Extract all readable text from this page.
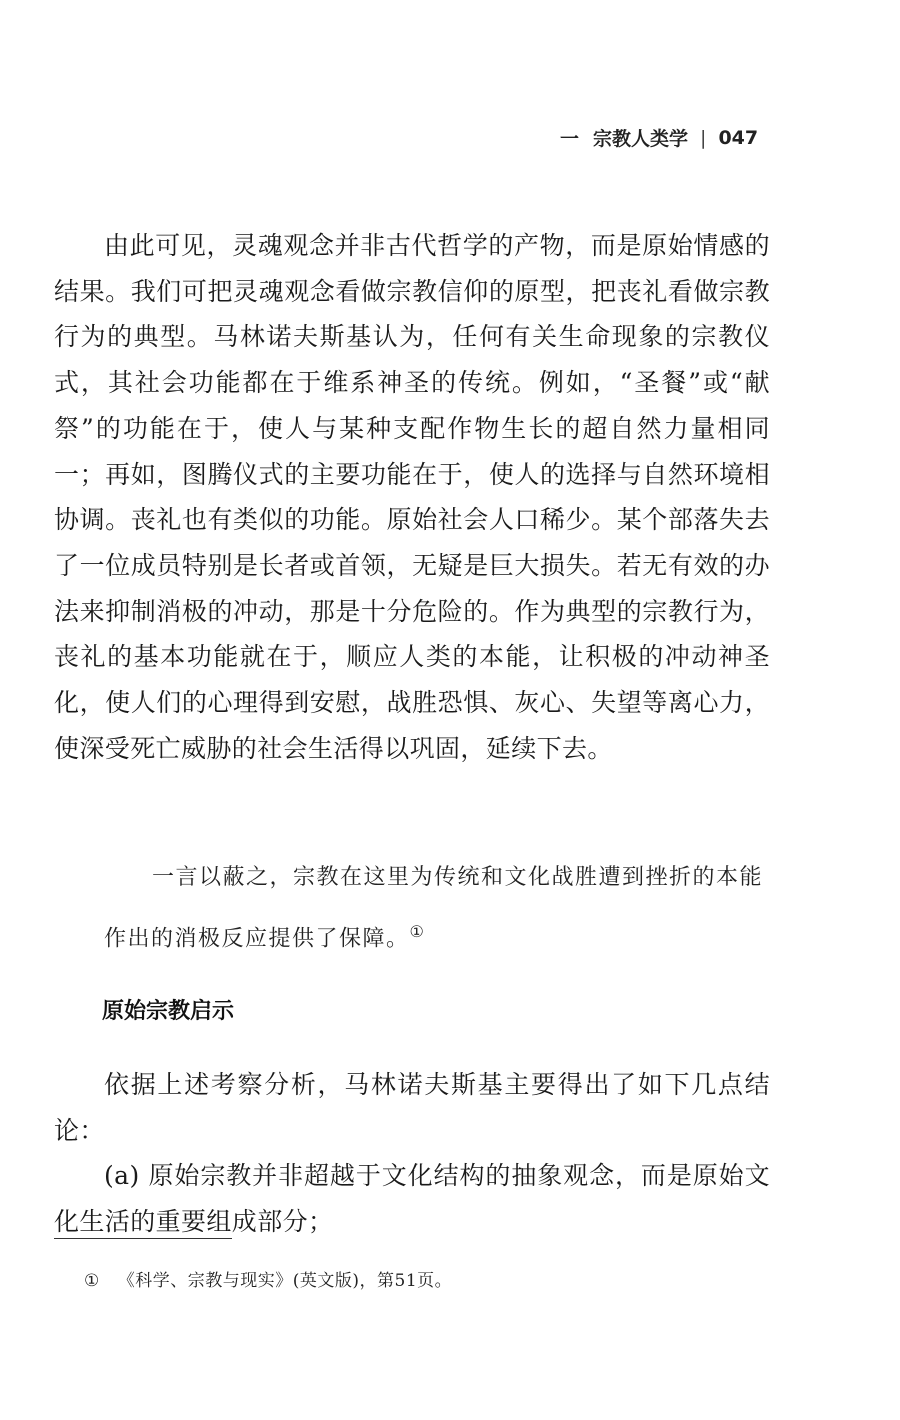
一 宗教人类学 | 047

由此可见，灵魂观念并非古代哲学的产物，而是原始情感的结果。我们可把灵魂观念看做宗教信仰的原型，把丧礼看做宗教行为的典型。马林诺夫斯基认为，任何有关生命现象的宗教仪式，其社会功能都在于维系神圣的传统。例如，“圣餐”或“献祭”的功能在于，使人与某种支配作物生长的超自然力量相同一；再如，图腾仪式的主要功能在于，使人的选择与自然环境相协调。丧礼也有类似的功能。原始社会人口稀少。某个部落失去了一位成员特别是长者或首领，无疑是巨大损失。若无有效的办法来抑制消极的冲动，那是十分危险的。作为典型的宗教行为，丧礼的基本功能就在于，顺应人类的本能，让积极的冲动神圣化，使人们的心理得到安慰，战胜恐惧、灰心、失望等离心力，使深受死亡威胁的社会生活得以巩固，延续下去。

一言以蔽之，宗教在这里为传统和文化战胜遭到挫折的本能作出的消极反应提供了保障。①

原始宗教启示

依据上述考察分析，马林诺夫斯基主要得出了如下几点结论：

(a) 原始宗教并非超越于文化结构的抽象观念，而是原始文化生活的重要组成部分；

① 《科学、宗教与现实》(英文版)，第51页。
